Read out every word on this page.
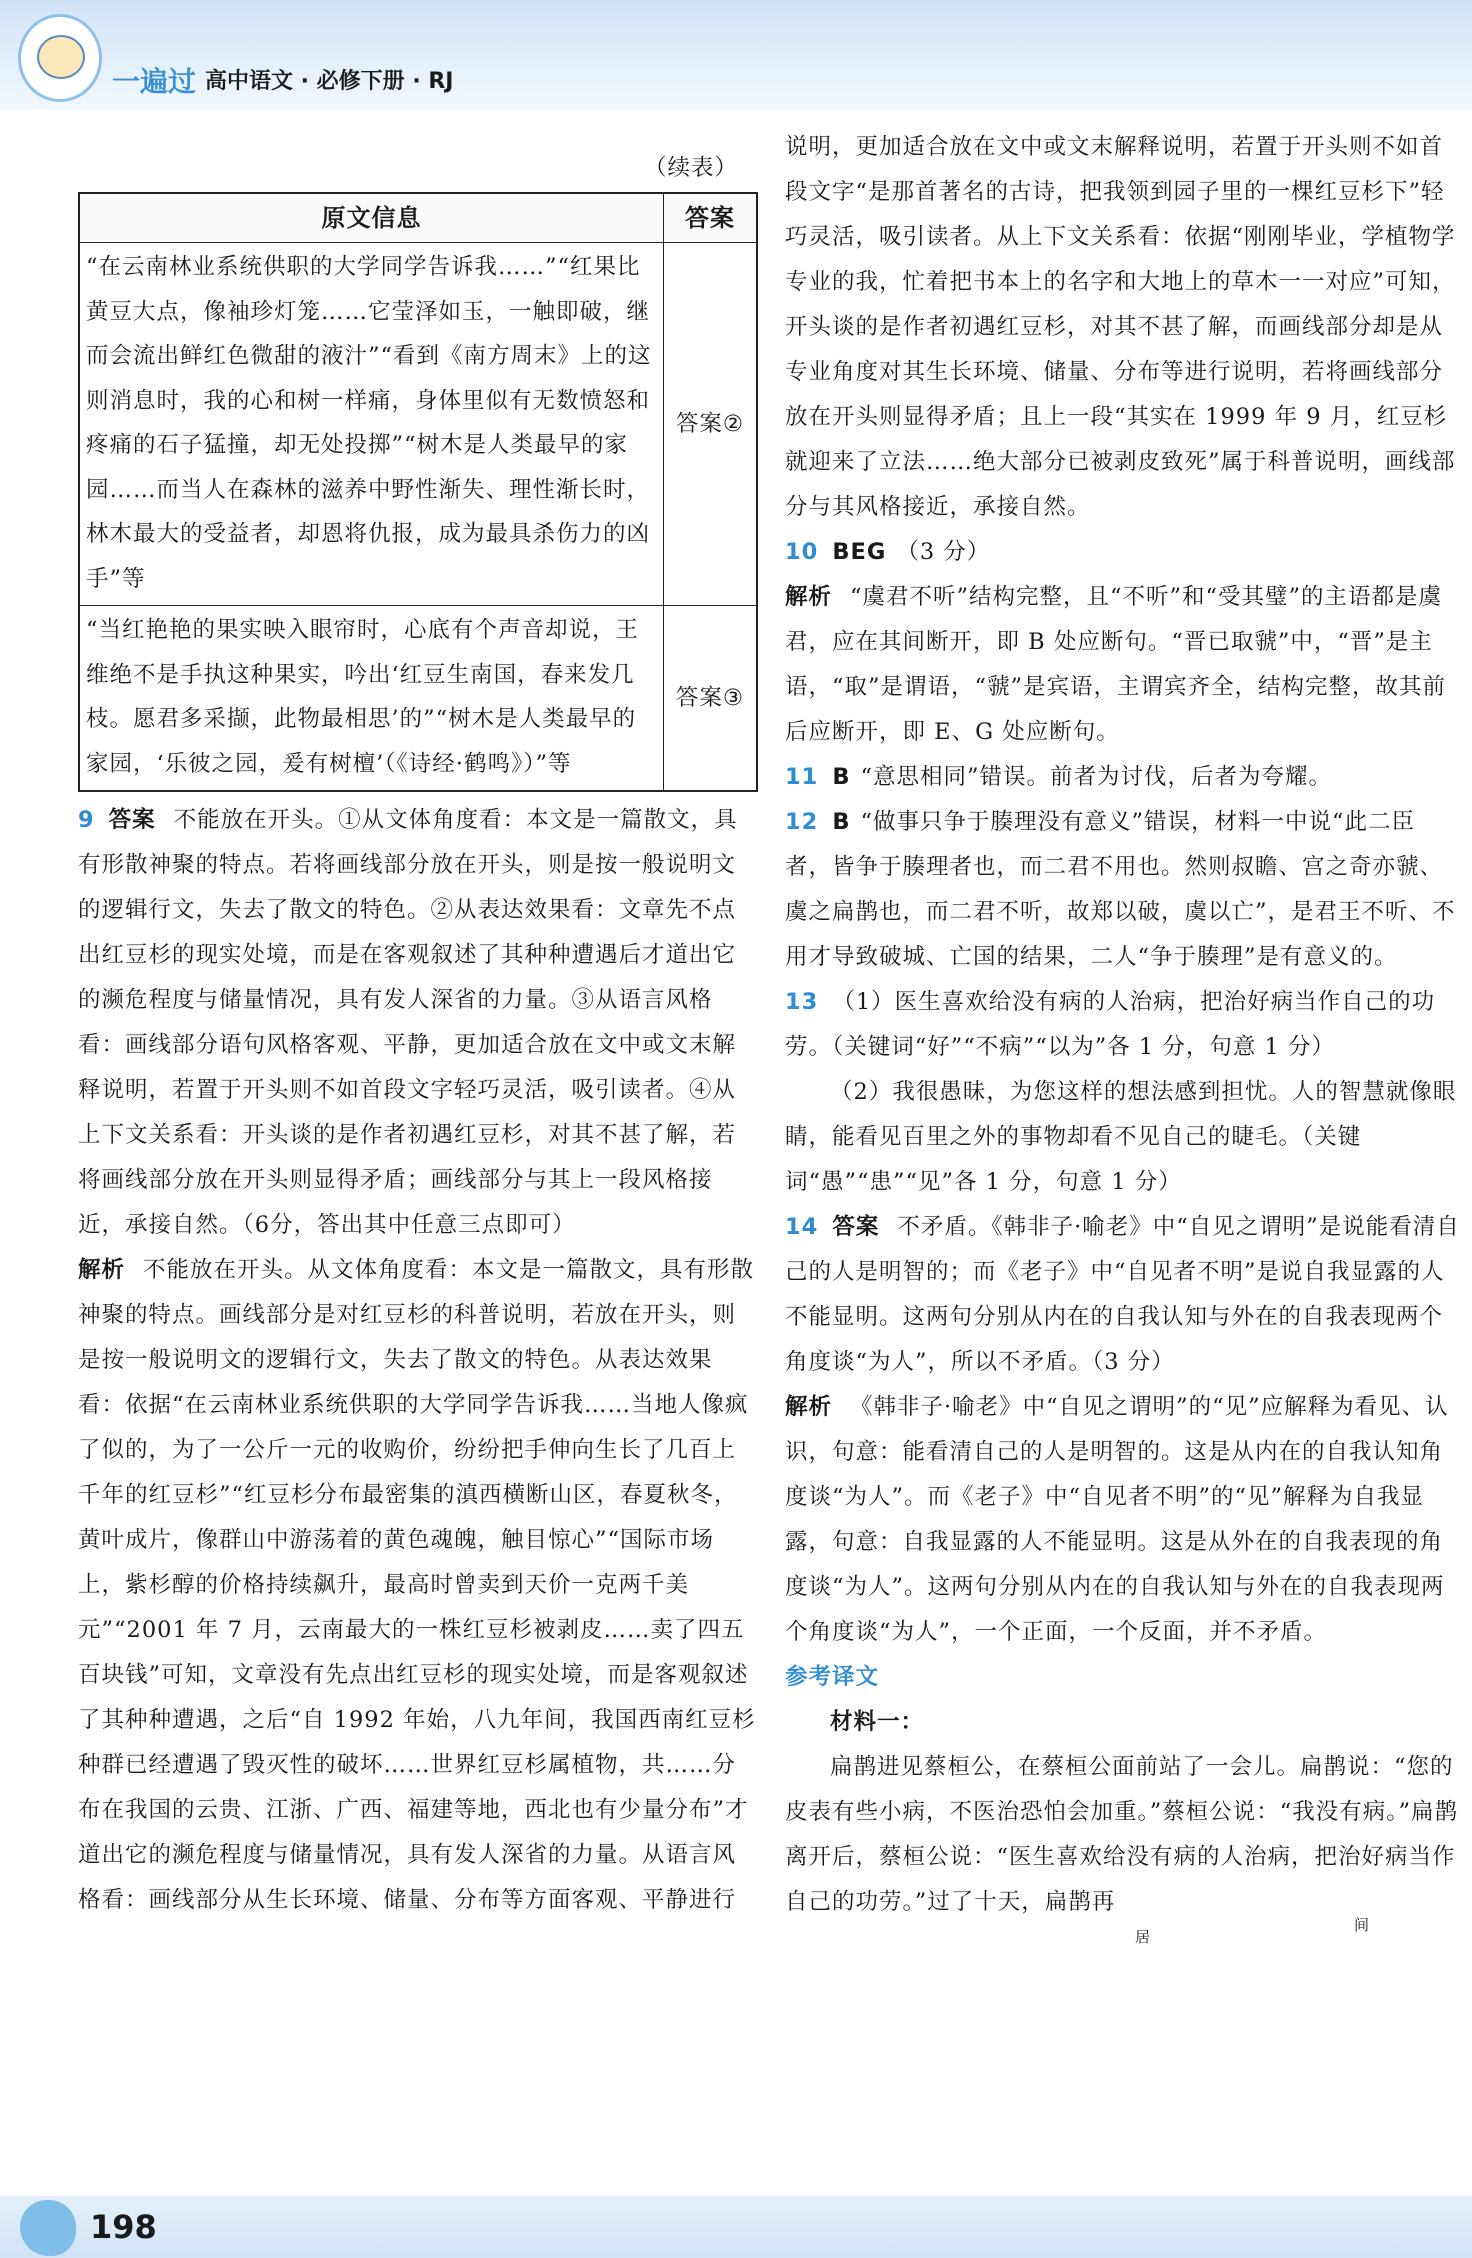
一遍过 高中语文 · 必修下册 · RJ
（续表）
原文信息	答案
“在云南林业系统供职的大学同学告诉我……”“红果比黄豆大点，像袖珍灯笼……它莹泽如玉，一触即破，继而会流出鲜红色微甜的液汁”“看到《南方周末》上的这则消息时，我的心和树一样痛，身体里似有无数愤怒和疼痛的石子猛撞，却无处投掷”“树木是人类最早的家园……而当人在森林的滋养中野性渐失、理性渐长时，林木最大的受益者，却恩将仇报，成为最具杀伤力的凶手”等	答案②
“当红艳艳的果实映入眼帘时，心底有个声音却说，王维绝不是手执这种果实，吟出‘红豆生南国，春来发几枝。愿君多采撷，此物最相思’的”“树木是人类最早的家园，‘乐彼之园，爰有树檀’（《诗经·鹤鸣》）”等	答案③

9 答案 不能放在开头。①从文体角度看：本文是一篇散文，具有形散神聚的特点。若将画线部分放在开头，则是按一般说明文的逻辑行文，失去了散文的特色。②从表达效果看：文章先不点出红豆杉的现实处境，而是在客观叙述了其种种遭遇后才道出它的濒危程度与储量情况，具有发人深省的力量。③从语言风格看：画线部分语句风格客观、平静，更加适合放在文中或文末解释说明，若置于开头则不如首段文字轻巧灵活，吸引读者。④从上下文关系看：开头谈的是作者初遇红豆杉，对其不甚了解，若将画线部分放在开头则显得矛盾；画线部分与其上一段风格接近，承接自然。（6分，答出其中任意三点即可）

解析 不能放在开头。从文体角度看：本文是一篇散文，具有形散神聚的特点。画线部分是对红豆杉的科普说明，若放在开头，则是按一般说明文的逻辑行文，失去了散文的特色。从表达效果看：依据“在云南林业系统供职的大学同学告诉我……当地人像疯了似的，为了一公斤一元的收购价，纷纷把手伸向生长了几百上千年的红豆杉”“红豆杉分布最密集的滇西横断山区，春夏秋冬，黄叶成片，像群山中游荡着的黄色魂魄，触目惊心”“国际市场上，紫杉醇的价格持续飙升，最高时曾卖到天价一克两千美元”“2001 年 7 月，云南最大的一株红豆杉被剥皮……卖了四五百块钱”可知，文章没有先点出红豆杉的现实处境，而是客观叙述了其种种遭遇，之后“自 1992 年始，八九年间，我国西南红豆杉种群已经遭遇了毁灭性的破坏……世界红豆杉属植物，共……分布在我国的云贵、江浙、广西、福建等地，西北也有少量分布”才道出它的濒危程度与储量情况，具有发人深省的力量。从语言风格看：画线部分从生长环境、储量、分布等方面客观、平静进行

说明，更加适合放在文中或文末解释说明，若置于开头则不如首段文字“是那首著名的古诗，把我领到园子里的一棵红豆杉下”轻巧灵活，吸引读者。从上下文关系看：依据“刚刚毕业，学植物学专业的我，忙着把书本上的名字和大地上的草木一一对应”可知，开头谈的是作者初遇红豆杉，对其不甚了解，而画线部分却是从专业角度对其生长环境、储量、分布等进行说明，若将画线部分放在开头则显得矛盾；且上一段“其实在 1999 年 9 月，红豆杉就迎来了立法……绝大部分已被剥皮致死”属于科普说明，画线部分与其风格接近，承接自然。

10 BEG （3 分）

解析 “虞君不听”结构完整，且“不听”和“受其璧”的主语都是虞君，应在其间断开，即 B 处应断句。“晋已取虢”中，“晋”是主语，“取”是谓语，“虢”是宾语，主谓宾齐全，结构完整，故其前后应断开，即 E、G 处应断句。

11 B “意思相同”错误。前者为讨伐，后者为夸耀。

12 B “做事只争于腠理没有意义”错误，材料一中说“此二臣者，皆争于腠理者也，而二君不用也。然则叔瞻、宫之奇亦虢、虞之扁鹊也，而二君不听，故郑以破，虞以亡”，是君王不听、不用才导致破城、亡国的结果，二人“争于腠理”是有意义的。

13 （1）医生喜欢给没有病的人治病，把治好病当作自己的功劳。（关键词“好”“不病”“以为”各 1 分，句意 1 分）

（2）我很愚昧，为您这样的想法感到担忧。人的智慧就像眼睛，能看见百里之外的事物却看不见自己的睫毛。（关键词“愚”“患”“见”各 1 分，句意 1 分）

14 答案 不矛盾。《韩非子·喻老》中“自见之谓明”是说能看清自己的人是明智的；而《老子》中“自见者不明”是说自我显露的人不能显明。这两句分别从内在的自我认知与外在的自我表现两个角度谈“为人”，所以不矛盾。（3 分）

解析 《韩非子·喻老》中“自见之谓明”的“见”应解释为看见、认识，句意：能看清自己的人是明智的。这是从内在的自我认知角度谈“为人”。而《老子》中“自见者不明”的“见”解释为自我显露，句意：自我显露的人不能显明。这是从外在的自我表现的角度谈“为人”。这两句分别从内在的自我认知与外在的自我表现两个角度谈“为人”，一个正面，一个反面，并不矛盾。

参考译文

材料一：

扁鹊进见蔡桓公，在蔡桓公面前站了一会儿。扁鹊说：“您的皮表有些小病，不医治恐怕会加重。”蔡桓公说：“我没有病。”扁鹊离开后，蔡桓公说：“医生喜欢给没有病的人治病，把治好病当作自己的功劳。”过了十天，扁鹊再

间
居
198
